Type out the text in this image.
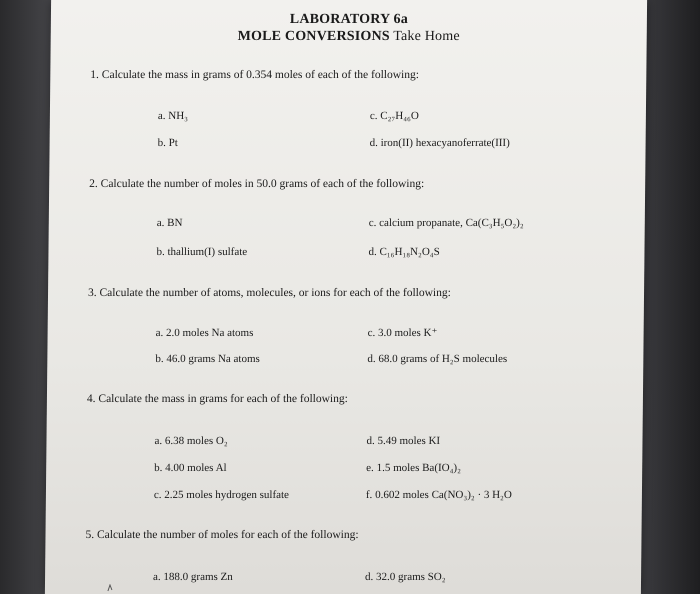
LABORATORY 6a
MOLE CONVERSIONS Take Home
1. Calculate the mass in grams of 0.354 moles of each of the following:
a. NH₃	c. C₂₇H₄₆O
b. Pt	d. iron(II) hexacyanoferrate(III)
2. Calculate the number of moles in 50.0 grams of each of the following:
a. BN	c. calcium propanate, Ca(C₃H₅O₂)₂
b. thallium(I) sulfate	d. C₁₆H₁₈N₂O₄S
3. Calculate the number of atoms, molecules, or ions for each of the following:
a. 2.0 moles Na atoms	c. 3.0 moles K⁺
b. 46.0 grams Na atoms	d. 68.0 grams of H₂S molecules
4. Calculate the mass in grams for each of the following:
a. 6.38 moles O₂	d. 5.49 moles KI
b. 4.00 moles Al	e. 1.5 moles Ba(IO₄)₂
c. 2.25 moles hydrogen sulfate	f. 0.602 moles Ca(NO₃)₂ · 3 H₂O
5. Calculate the number of moles for each of the following:
a. 188.0 grams Zn	d. 32.0 grams SO₂
